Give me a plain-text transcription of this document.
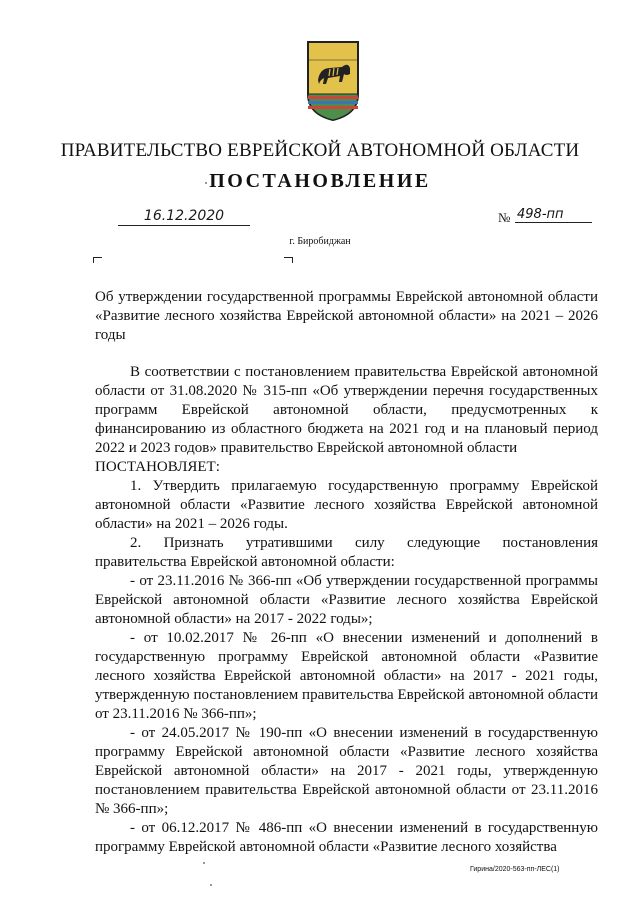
ПРАВИТЕЛЬСТВО ЕВРЕЙСКОЙ АВТОНОМНОЙ ОБЛАСТИ
ПОСТАНОВЛЕНИЕ
16.12.2020	№ 498-пп
г. Биробиджан
Об утверждении государственной программы Еврейской автономной области «Развитие лесного хозяйства Еврейской автономной области» на 2021 – 2026 годы

В соответствии с постановлением правительства Еврейской автономной области от 31.08.2020 № 315-пп «Об утверждении перечня государственных программ Еврейской автономной области, предусмотренных к финансированию из областного бюджета на 2021 год и на плановый период 2022 и 2023 годов» правительство Еврейской автономной области

ПОСТАНОВЛЯЕТ:

1. Утвердить прилагаемую государственную программу Еврейской автономной области «Развитие лесного хозяйства Еврейской автономной области» на 2021 – 2026 годы.

2. Признать утратившими силу следующие постановления правительства Еврейской автономной области:

- от 23.11.2016 № 366-пп «Об утверждении государственной программы Еврейской автономной области «Развитие лесного хозяйства Еврейской автономной области» на 2017 - 2022 годы»;

- от 10.02.2017 № 26-пп «О внесении изменений и дополнений в государственную программу Еврейской автономной области «Развитие лесного хозяйства Еврейской автономной области» на 2017 - 2021 годы, утвержденную постановлением правительства Еврейской автономной области от 23.11.2016 № 366-пп»;

- от 24.05.2017 № 190-пп «О внесении изменений в государственную программу Еврейской автономной области «Развитие лесного хозяйства Еврейской автономной области» на 2017 - 2021 годы, утвержденную постановлением правительства Еврейской автономной области от 23.11.2016 № 366-пп»;

- от 06.12.2017 № 486-пп «О внесении изменений в государственную программу Еврейской автономной области «Развитие лесного хозяйства

Гирина/2020-563-пп-ЛЕС(1)
